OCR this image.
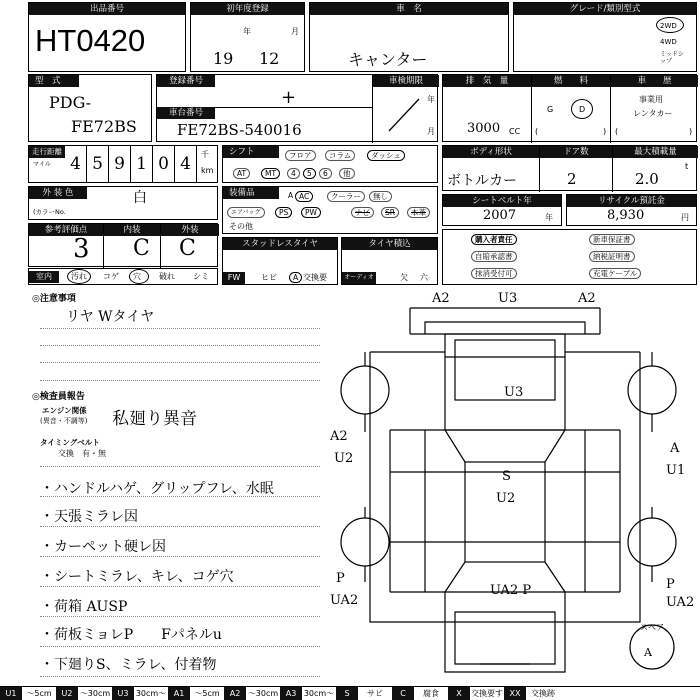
出品番号
HT0420
初年度登録
19
年
12
月
車　名
キャンター
グレード/類別型式
2WD
4WD
ミッドシップ
型　式
PDG-
FE72BS
登録番号
+
車台番号
FE72BS-540016
車検期限
年
月
排　気　量
3000 CC
燃　　料
G	D
(	)
車　　歴
事業用
レンタカー
(	)
走行距離
マイル 4 5 9 1 0 4	千
km
シフト	フロア	コラム	ダッシュ
AT	MT	4	5	6	他
ボディ形状
ボトルカー
ドア数
2
最大積載量
2.0
t
外 装 色	白
(カラーNo.
装備品	A AC	クーラー	無し
エアバッグ	PS	PW	ナビ	SR	本革
その他
シートベルト年
2007	年
リサイクル預託金
8,930	円
参考評価点
3
内装
C
外装
C	スタッドレスタイヤ
FW	ヒビ	A 交換要
タイヤ積込
オーディオ	欠 六
購入者責任	新車保証書
自賠承認書	納税証明書
抹消受付可	充電ケーブル
室内	汚れ コゲ 穴 破れ シミ
◎注意事項
リヤ Wタイヤ
◎検査員報告
エンジン関係
(異音・不調等) 私廻り異音
タイミングベルト
交換　有・無
・ハンドルハゲ、グリップフレ、水眠
・天張ミラレ因
・カーペット硬レ因
・シートミラレ、キレ、コゲ穴
・荷箱 AUSP
・荷板ミョレP　　Fパネルu
・下廻りS、ミラレ、付着物
A2	U3	A2
U3
A2
U2
A
U1
S
U2
P
UA2
P
UA2
UA2 P
A
スペア
U1	～5cm	U2 ～30cm U3 30cm～ A1	～5cm	A2 ～30cm A3 30cm～	S	サビ	C	腐食	X	交換要す XX	交換跡
